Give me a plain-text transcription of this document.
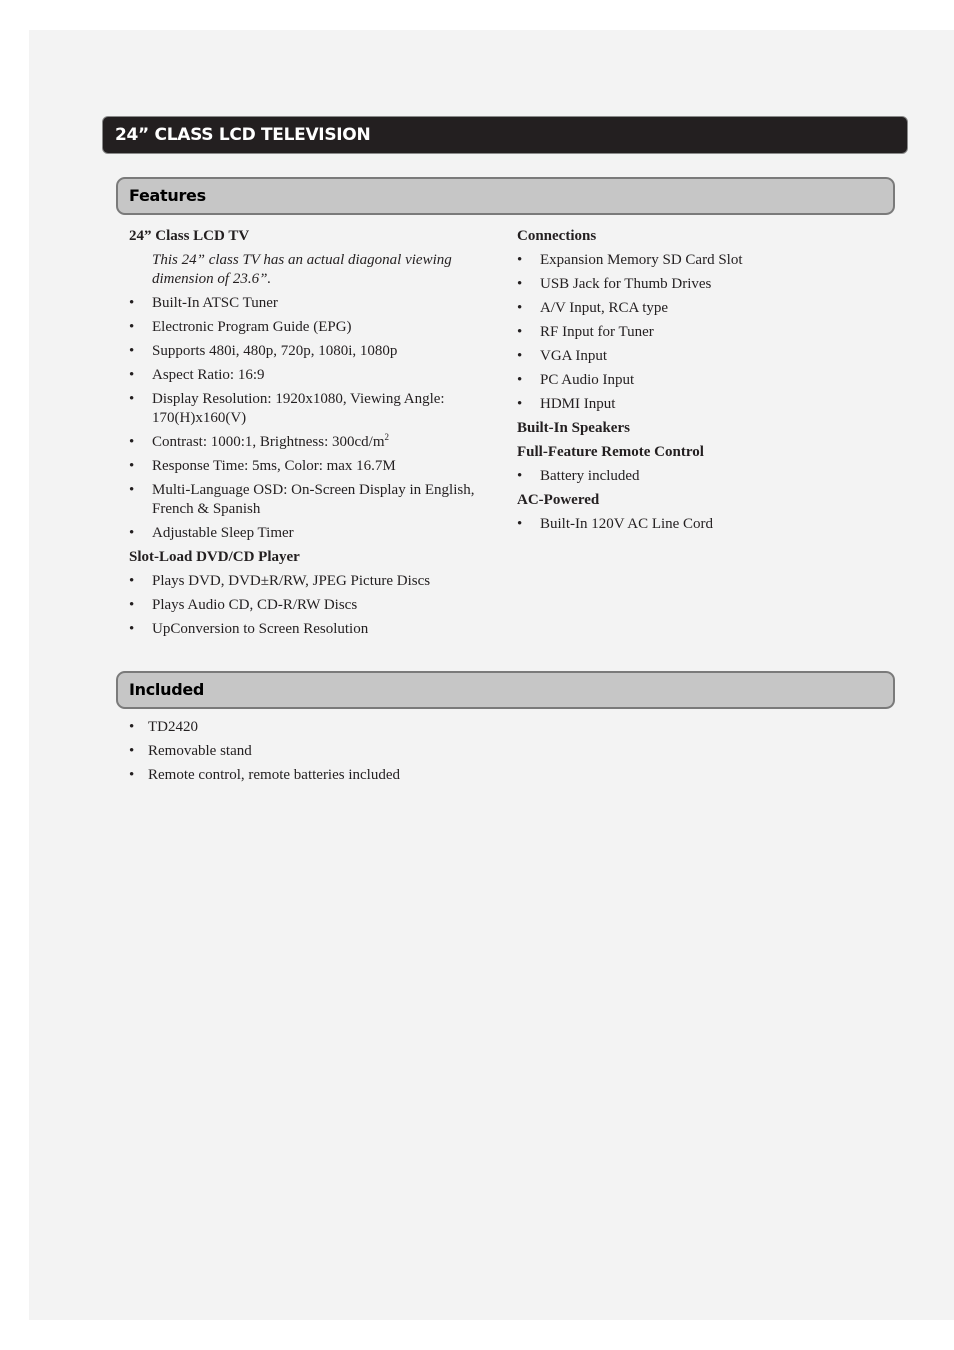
24” CLASS LCD TELEVISION
Features
24” Class LCD TV
This 24” class TV has an actual diagonal viewing dimension of 23.6”.
• Built-In ATSC Tuner
• Electronic Program Guide (EPG)
• Supports 480i, 480p, 720p, 1080i, 1080p
• Aspect Ratio: 16:9
• Display Resolution: 1920x1080, Viewing Angle: 170(H)x160(V)
• Contrast: 1000:1, Brightness: $300cd/m^2$
• Response Time: 5ms, Color: max 16.7M
• Multi-Language OSD: On-Screen Display in English, French & Spanish
• Adjustable Sleep Timer
Slot-Load DVD/CD Player
• Plays DVD, DVD±R/RW, JPEG Picture Discs
• Plays Audio CD, CD-R/RW Discs
• UpConversion to Screen Resolution
Connections
• Expansion Memory SD Card Slot
• USB Jack for Thumb Drives
• A/V Input, RCA type
• RF Input for Tuner
• VGA Input
• PC Audio Input
• HDMI Input
Built-In Speakers
Full-Feature Remote Control
• Battery included
AC-Powered
• Built-In 120V AC Line Cord
Included
• TD2420
• Removable stand
• Remote control, remote batteries included
